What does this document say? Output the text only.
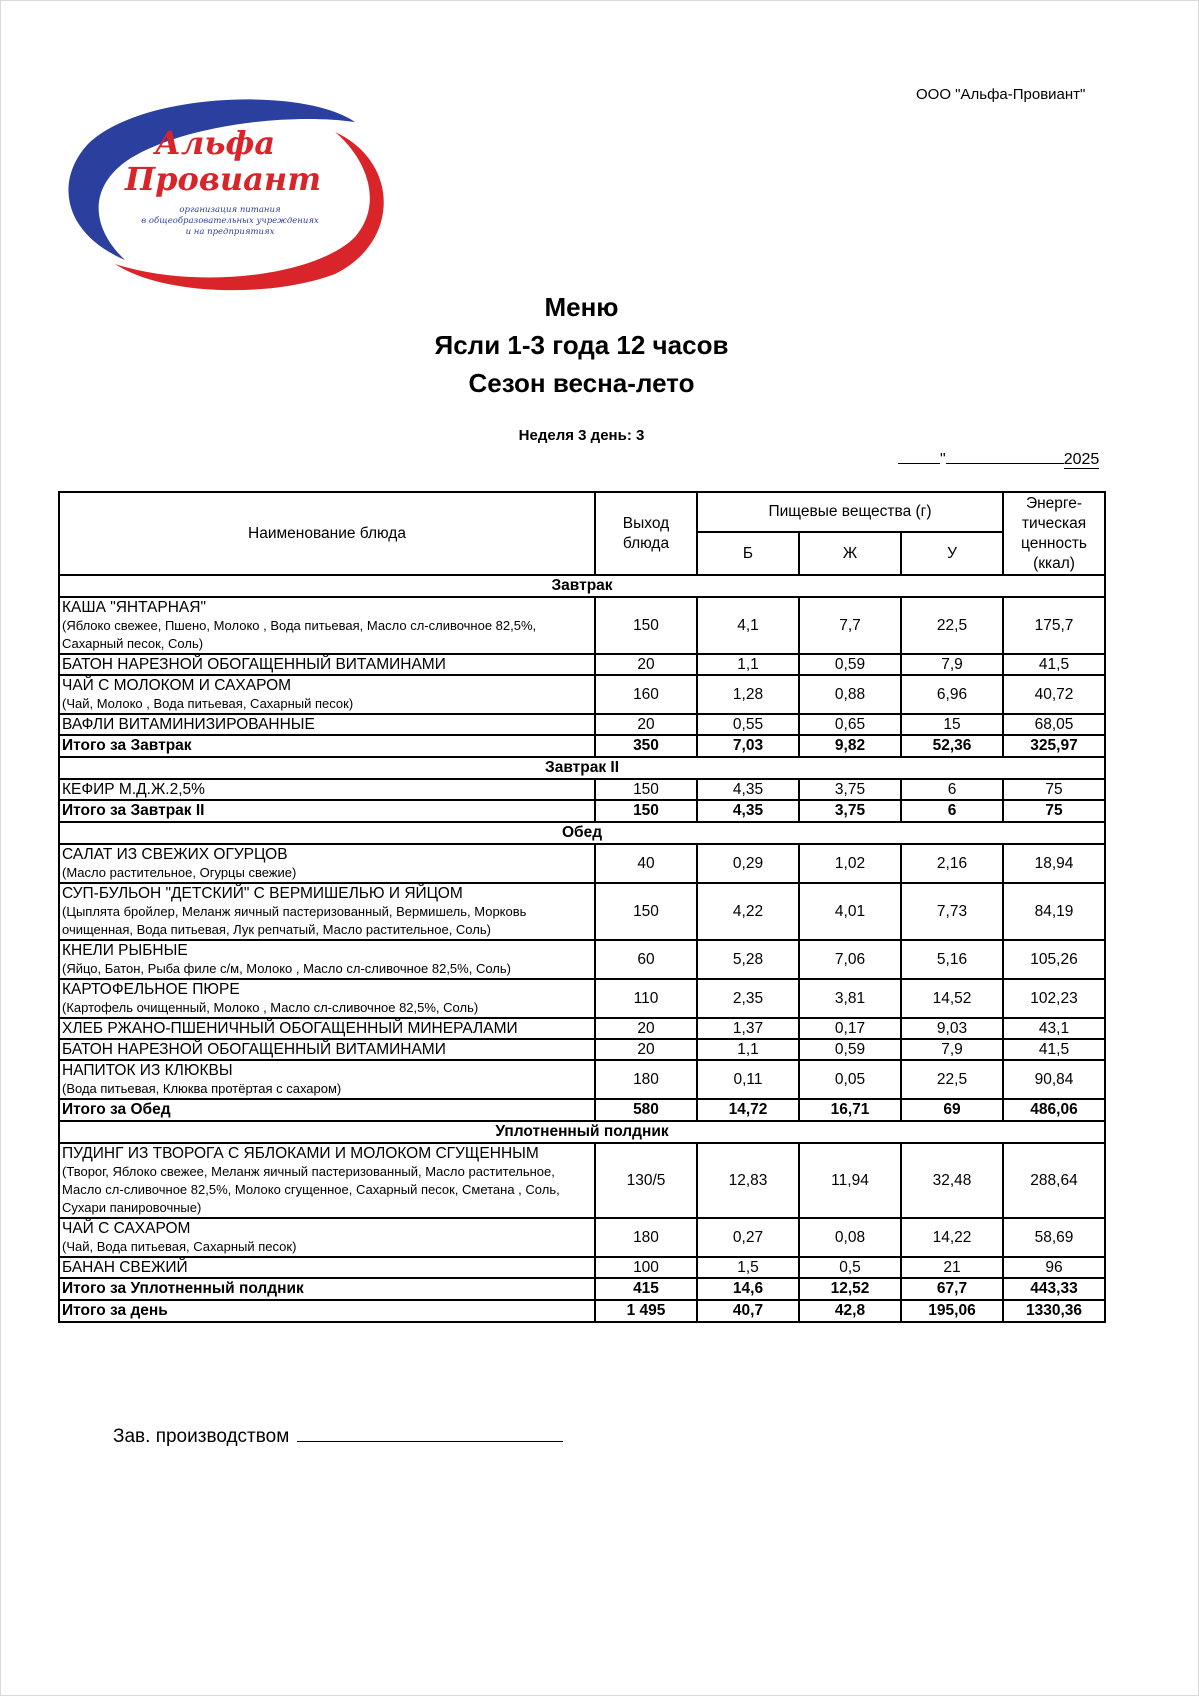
ООО "Альфа-Провиант"
Альфа
Провиант
организация питания
в общеобразовательных учреждениях
и на предприятиях
Меню
Ясли 1-3 года 12 часов
Сезон весна-лето
Неделя 3 день: 3
"	2025
Наименование блюда	Выход блюда	Пищевые вещества (г)			Энерге-тическая ценность (ккал)
		Б	Ж	У	
Завтрак					

КАША "ЯНТАРНАЯ"
(Яблоко свежее, Пшено, Молоко , Вода питьевая, Масло сл-сливочное 82,5%, Сахарный песок, Соль)	150	4,1	7,7	22,5	175,7

БАТОН НАРЕЗНОЙ ОБОГАЩЕННЫЙ ВИТАМИНАМИ	20	1,1	0,59	7,9	41,5

ЧАЙ С МОЛОКОМ И САХАРОМ
(Чай, Молоко , Вода питьевая, Сахарный песок)	160	1,28	0,88	6,96	40,72

ВАФЛИ ВИТАМИНИЗИРОВАННЫЕ	20	0,55	0,65	15	68,05
Итого за Завтрак	350	7,03	9,82	52,36	325,97
Завтрак II					

КЕФИР М.Д.Ж.2,5%	150	4,35	3,75	6	75
Итого за Завтрак II	150	4,35	3,75	6	75
Обед					

САЛАТ ИЗ СВЕЖИХ ОГУРЦОВ
(Масло растительное, Огурцы свежие)	40	0,29	1,02	2,16	18,94

СУП-БУЛЬОН "ДЕТСКИЙ" С ВЕРМИШЕЛЬЮ И ЯЙЦОМ
(Цыплята бройлер, Меланж яичный пастеризованный, Вермишель, Морковь очищенная, Вода питьевая, Лук репчатый, Масло растительное, Соль)	150	4,22	4,01	7,73	84,19

КНЕЛИ РЫБНЫЕ
(Яйцо, Батон, Рыба филе с/м, Молоко , Масло сл-сливочное 82,5%, Соль)	60	5,28	7,06	5,16	105,26

КАРТОФЕЛЬНОЕ ПЮРЕ
(Картофель очищенный, Молоко , Масло сл-сливочное 82,5%, Соль)	110	2,35	3,81	14,52	102,23

ХЛЕБ РЖАНО-ПШЕНИЧНЫЙ ОБОГАЩЕННЫЙ МИНЕРАЛАМИ	20	1,37	0,17	9,03	43,1

БАТОН НАРЕЗНОЙ ОБОГАЩЕННЫЙ ВИТАМИНАМИ	20	1,1	0,59	7,9	41,5

НАПИТОК ИЗ КЛЮКВЫ
(Вода питьевая, Клюква протёртая с сахаром)	180	0,11	0,05	22,5	90,84
Итого за Обед	580	14,72	16,71	69	486,06
Уплотненный полдник					

ПУДИНГ ИЗ ТВОРОГА С ЯБЛОКАМИ И МОЛОКОМ СГУЩЕННЫМ
(Творог, Яблоко свежее, Меланж яичный пастеризованный, Масло растительное, Масло сл-сливочное 82,5%, Молоко сгущенное, Сахарный песок, Сметана , Соль, Сухари панировочные)	130/5	12,83	11,94	32,48	288,64

ЧАЙ С САХАРОМ
(Чай, Вода питьевая, Сахарный песок)	180	0,27	0,08	14,22	58,69

БАНАН СВЕЖИЙ	100	1,5	0,5	21	96
Итого за Уплотненный полдник	415	14,6	12,52	67,7	443,33
Итого за день	1 495	40,7	42,8	195,06	1330,36
Зав. производством
